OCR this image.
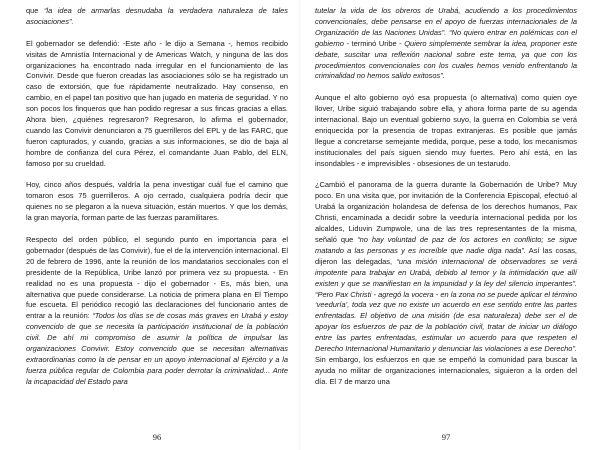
que “la idea de armarlas desnudaba la verdadera naturaleza de tales asociaciones”.

El gobernador se defendió: -Este año - le dijo a Semana -, hemos recibido visitas de Amnistía Internacional y de Americas Watch, y ninguna de las dos organizaciones ha encontrado nada irregular en el funcionamiento de las Convivir. Desde que fueron creadas las asociaciones sólo se ha registrado un caso de extorsión, que fue rápidamente neutralizado. Hay consenso, en cambio, en el papel tan positivo que han jugado en materia de seguridad. Y no son pocos los finqueros que han podido regresar a sus fincas gracias a ellas. Ahora bien, ¿quiénes regresaron? Regresaron, lo afirma el gobernador, cuando las Convivir denunciaron a 75 guerrilleros del EPL y de las FARC, que fueron capturados, y cuando, gracias a sus informaciones, se dio de baja al hombre de confianza del cura Pérez, el comandante Juan Pablo, del ELN, famoso por su crueldad.

Hoy, cinco años después, valdría la pena investigar cuál fue el camino que tomaron esos 75 guerrilleros. A ojo cerrado, cualquiera podría decir que quienes no se plegaron a la nueva situación, están muertos. Y que los demás, la gran mayoría, forman parte de las fuerzas paramilitares.

Respecto del orden público, el segundo punto en importancia para el gobernador (después de las Convivir), fue el de la intervención internacional. El 20 de febrero de 1996, ante la reunión de los mandatarios seccionales con el presidente de la República, Uribe lanzó por primera vez su propuesta. - En realidad no es una propuesta - dijo el gobernador - Es, más bien, una alternativa que puede considerarse. La noticia de primera plana en El Tiempo fue escueta. El periódico recogió las declaraciones del funcionario antes de entrar a la reunión: “Todos los días se de cosas más graves en Urabá y estoy convencido de que se necesita la participación institucional de la población civil. De ahí mi compromiso de asumir la política de impulsar las organizaciones Convivir. Estoy convencido que se necesitan alternativas extraordinarias como la de pensar en un apoyo internacional al Ejército y a la fuerza pública regular de Colombia para poder derrotar la criminalidad... Ante la incapacidad del Estado para

96

tutelar la vida de los obreros de Urabá, acudiendo a los procedimientos convencionales, debe pensarse en el apoyo de fuerzas internacionales de la Organización de las Naciones Unidas”. “No quiero entrar en polémicas con el gobierno - terminó Uribe - Quiero simplemente sembrar la idea, proponer este debate, suscitar una reflexión nacional sobre este tema, ya que con los procedimientos convencionales con los cuales hemos venido enfrentando la criminalidad no hemos salido exitosos”.

Aunque el alto gobierno oyó esa propuesta (o alternativa) como quien oye llover, Uribe siguió trabajando sobre ella, y ahora forma parte de su agenda internacional. Bajo un eventual gobierno suyo, la guerra en Colombia se verá enriquecida por la presencia de tropas extranjeras. Es posible que jamás llegue a concretarse semejante medida, porque, pese a todo, los mecanismos institucionales del país siguen siendo muy fuertes. Pero ahí está, en las insondables - e imprevisibles - obsesiones de un testarudo.

¿Cambió el panorama de la guerra durante la Gobernación de Uribe? Muy poco. En una visita que, por invitación de la Conferencia Episcopal, efectuó al Urabá la organización holandesa de defensa de los derechos humanos, Pax Christi, encaminada a decidir sobre la veeduría internacional pedida por los alcaldes, Liduvin Zumpwole, una de las tres representantes de la misma, señaló que “no hay voluntad de paz de los actores en conflicto; se sigue matando a las personas y es increíble que nadie diga nada”. Así las cosas, dijeron las delegadas, “una misión internacional de observadores se verá impotente para trabajar en Urabá, debido al temor y la intimidación que allí existen y que se manifiestan en la impunidad y la ley del silencio imperantes”. “Pero Pax Christi - agregó la vocera - en la zona no se puede aplicar el término ‘veeduría’, toda vez que no existe un acuerdo en ese sentido entre las partes enfrentadas. El objetivo de una misión (de esa naturaleza) debe ser el de apoyar los esfuerzos de paz de la población civil, tratar de iniciar un diálogo entre las partes enfrentadas, estimular un acuerdo para que respeten el Derecho Internacional Humanitario y denunciar las violaciones a ese Derecho”. Sin embargo, los esfuerzos en que se empeñó la comunidad para buscar la ayuda no militar de organizaciones internacionales, siguieron a la orden del día. El 7 de marzo una

97
